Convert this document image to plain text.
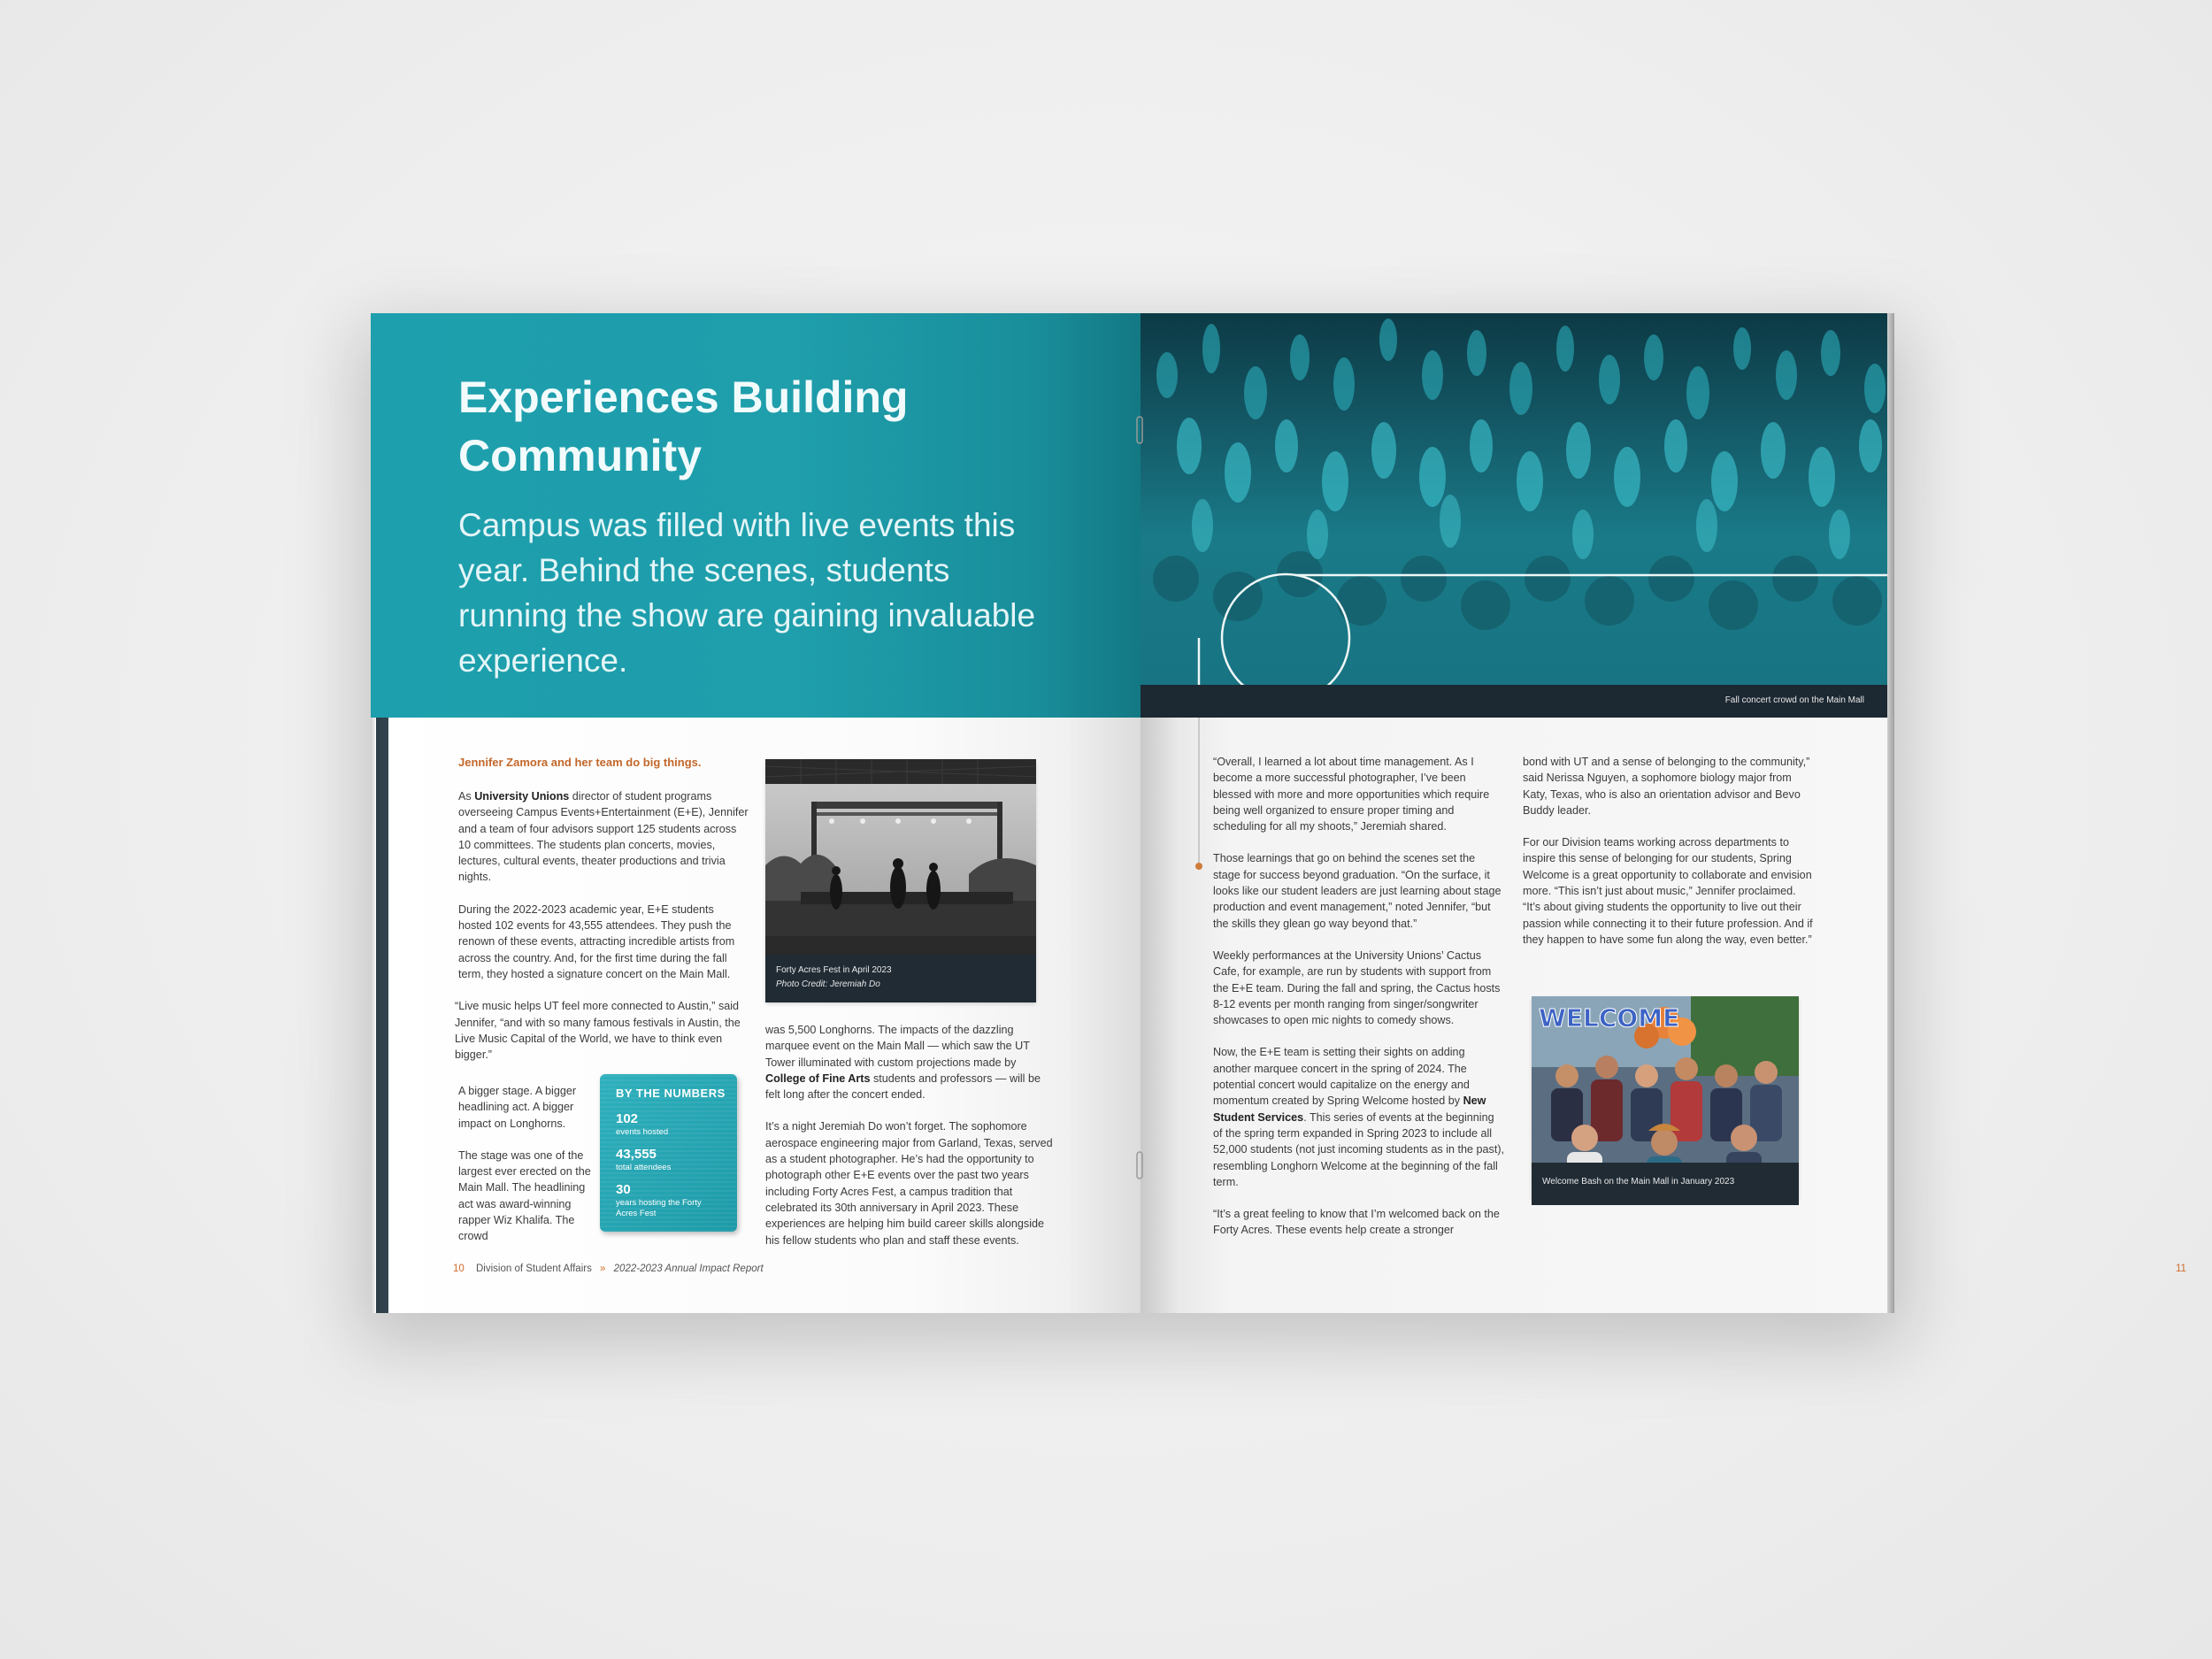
Experiences Building Community
Campus was filled with live events this year. Behind the scenes, students running the show are gaining invaluable experience.
Jennifer Zamora and her team do big things.

As University Unions director of student programs overseeing Campus Events+Entertainment (E+E), Jennifer and a team of four advisors support 125 students across 10 committees. The students plan concerts, movies, lectures, cultural events, theater productions and trivia nights.

During the 2022-2023 academic year, E+E students hosted 102 events for 43,555 attendees. They push the renown of these events, attracting incredible artists from across the country. And, for the first time during the fall term, they hosted a signature concert on the Main Mall.

“Live music helps UT feel more connected to Austin,” said Jennifer, “and with so many famous festivals in Austin, the Live Music Capital of the World, we have to think even bigger.”

A bigger stage. A bigger headlining act. A bigger impact on Longhorns.

The stage was one of the largest ever erected on the Main Mall. The headlining act was award-winning rapper Wiz Khalifa. The crowd

BY THE NUMBERS
102
events hosted
43,555
total attendees
30
years hosting the Forty Acres Fest
Forty Acres Fest in April 2023
Photo Credit: Jeremiah Do

was 5,500 Longhorns. The impacts of the dazzling marquee event on the Main Mall — which saw the UT Tower illuminated with custom projections made by College of Fine Arts students and professors — will be felt long after the concert ended.

It’s a night Jeremiah Do won’t forget. The sophomore aerospace engineering major from Garland, Texas, served as a student photographer. He’s had the opportunity to photograph other E+E events over the past two years including Forty Acres Fest, a campus tradition that celebrated its 30th anniversary in April 2023. These experiences are helping him build career skills alongside his fellow students who plan and staff these events.

10 Division of Student Affairs » 2022-2023 Annual Impact Report
Fall concert crowd on the Main Mall

“Overall, I learned a lot about time management. As I become a more successful photographer, I’ve been blessed with more and more opportunities which require being well organized to ensure proper timing and scheduling for all my shoots,” Jeremiah shared.

Those learnings that go on behind the scenes set the stage for success beyond graduation. “On the surface, it looks like our student leaders are just learning about stage production and event management,” noted Jennifer, “but the skills they glean go way beyond that.”

Weekly performances at the University Unions’ Cactus Cafe, for example, are run by students with support from the E+E team. During the fall and spring, the Cactus hosts 8-12 events per month ranging from singer/songwriter showcases to open mic nights to comedy shows.

Now, the E+E team is setting their sights on adding another marquee concert in the spring of 2024. The potential concert would capitalize on the energy and momentum created by Spring Welcome hosted by New Student Services. This series of events at the beginning of the spring term expanded in Spring 2023 to include all 52,000 students (not just incoming students as in the past), resembling Longhorn Welcome at the beginning of the fall term.

“It’s a great feeling to know that I’m welcomed back on the Forty Acres. These events help create a stronger

bond with UT and a sense of belonging to the community,” said Nerissa Nguyen, a sophomore biology major from Katy, Texas, who is also an orientation advisor and Bevo Buddy leader.

For our Division teams working across departments to inspire this sense of belonging for our students, Spring Welcome is a great opportunity to collaborate and envision more. “This isn’t just about music,” Jennifer proclaimed. “It’s about giving students the opportunity to live out their passion while connecting it to their future profession. And if they happen to have some fun along the way, even better.”

WELCOME
Welcome Bash on the Main Mall in January 2023
11
